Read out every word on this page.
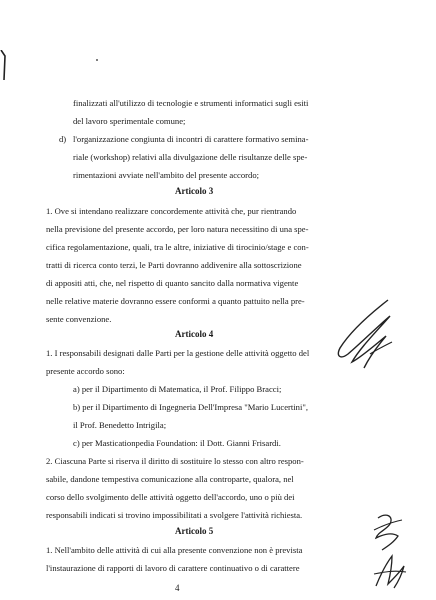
finalizzati all'utilizzo di tecnologie e strumenti informatici sugli esiti
del lavoro sperimentale comune;
d) l'organizzazione congiunta di incontri di carattere formativo semina-
riale (workshop) relativi alla divulgazione delle risultanze delle spe-
rimentazioni avviate nell'ambito del presente accordo;
Articolo 3
1. Ove si intendano realizzare concordemente attività che, pur rientrando
nella previsione del presente accordo, per loro natura necessitino di una spe-
cifica regolamentazione, quali, tra le altre, iniziative di tirocinio/stage e con-
tratti di ricerca conto terzi, le Parti dovranno addivenire alla sottoscrizione
di appositi atti, che, nel rispetto di quanto sancito dalla normativa vigente
nelle relative materie dovranno essere conformi a quanto pattuito nella pre-
sente convenzione.
Articolo 4
1. I responsabili designati dalle Parti per la gestione delle attività oggetto del
presente accordo sono:
a) per il Dipartimento di Matematica, il Prof. Filippo Bracci;
b) per il Dipartimento di Ingegneria Dell'Impresa "Mario Lucertini",
il Prof. Benedetto Intrigila;
c) per Masticationpedia Foundation: il Dott. Gianni Frisardi.
2. Ciascuna Parte si riserva il diritto di sostituire lo stesso con altro respon-
sabile, dandone tempestiva comunicazione alla controparte, qualora, nel
corso dello svolgimento delle attività oggetto dell'accordo, uno o più dei
responsabili indicati si trovino impossibilitati a svolgere l'attività richiesta.
Articolo 5
1. Nell'ambito delle attività di cui alla presente convenzione non è prevista
l'instaurazione di rapporti di lavoro di carattere continuativo o di carattere
4
